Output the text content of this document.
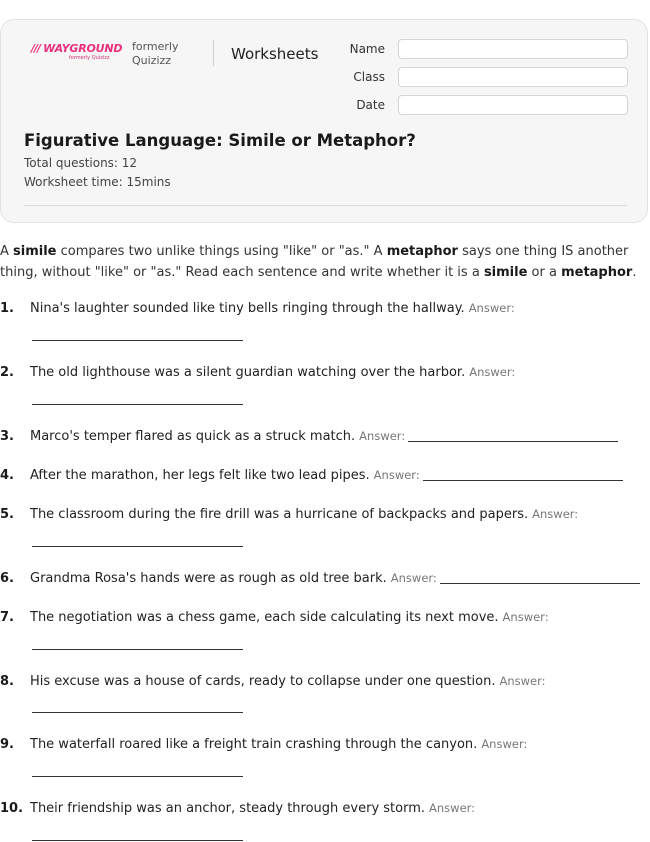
/// WAYGROUND
formerly Quizizz
formerly Quizizz	Worksheets	Name
Class
Date
Figurative Language: Simile or Metaphor?
Total questions: 12
Worksheet time: 15mins
A simile compares two unlike things using "like" or "as." A metaphor says one thing IS another thing, without "like" or "as." Read each sentence and write whether it is a simile or a metaphor.
1. Nina's laughter sounded like tiny bells ringing through the hallway. Answer:
2. The old lighthouse was a silent guardian watching over the harbor. Answer:
3. Marco's temper flared as quick as a struck match. Answer:
4. After the marathon, her legs felt like two lead pipes. Answer:
5. The classroom during the fire drill was a hurricane of backpacks and papers. Answer:
6. Grandma Rosa's hands were as rough as old tree bark. Answer:
7. The negotiation was a chess game, each side calculating its next move. Answer:
8. His excuse was a house of cards, ready to collapse under one question. Answer:
9. The waterfall roared like a freight train crashing through the canyon. Answer:
10. Their friendship was an anchor, steady through every storm. Answer:
